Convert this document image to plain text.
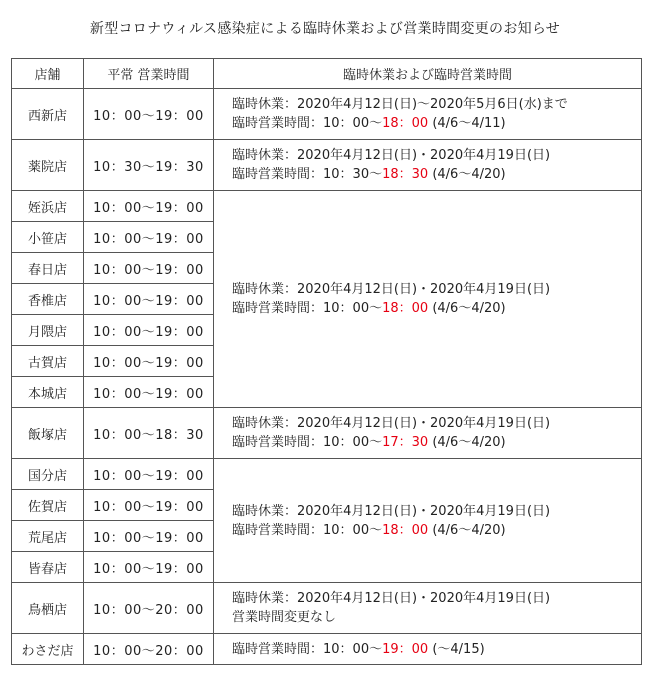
新型コロナウィルス感染症による臨時休業および営業時間変更のお知らせ
店舗	平常 営業時間	臨時休業および臨時営業時間
西新店	10：00～19：00	臨時休業：2020年4月12日(日)～2020年5月6日(水)まで
臨時営業時間：10：00～18：00 (4/6～4/11)

薬院店	10：30～19：30	臨時休業：2020年4月12日(日)・2020年4月19日(日)
臨時営業時間：10：30～18：30 (4/6～4/20)

姪浜店	10：00～19：00	臨時休業：2020年4月12日(日)・2020年4月19日(日)
臨時営業時間：10：00～18：00 (4/6～4/20)

小笹店	10：00～19：00	
春日店	10：00～19：00	
香椎店	10：00～19：00	
月隈店	10：00～19：00	
古賀店	10：00～19：00	
本城店	10：00～19：00	
飯塚店	10：00～18：30	臨時休業：2020年4月12日(日)・2020年4月19日(日)
臨時営業時間：10：00～17：30 (4/6～4/20)

国分店	10：00～19：00	臨時休業：2020年4月12日(日)・2020年4月19日(日)
臨時営業時間：10：00～18：00 (4/6～4/20)

佐賀店	10：00～19：00	
荒尾店	10：00～19：00	
皆春店	10：00～19：00	
鳥栖店	10：00～20：00	臨時休業：2020年4月12日(日)・2020年4月19日(日)
営業時間変更なし

わさだ店	10：00～20：00	臨時営業時間：10：00～19：00 (～4/15)
